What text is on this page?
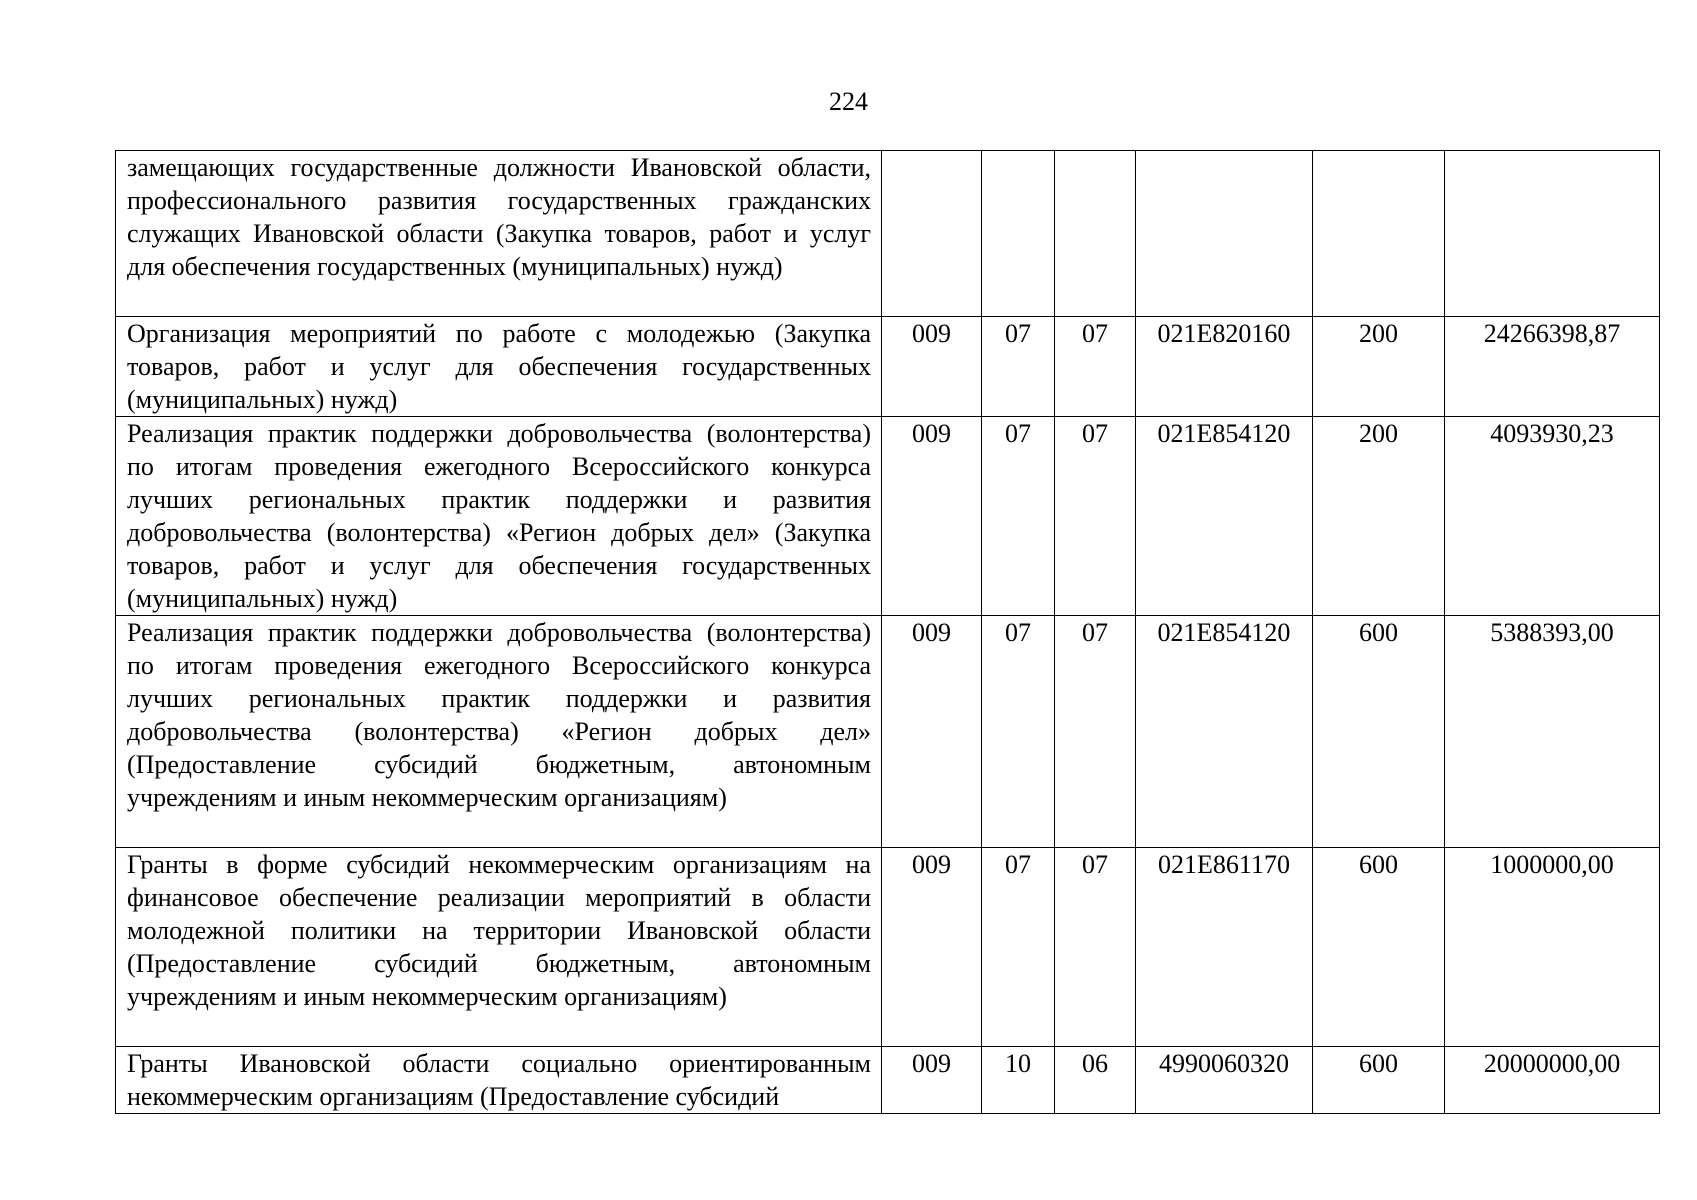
224
замещающих государственные должности Ивановской области, профессионального развития государственных гражданских служащих Ивановской области (Закупка товаров, работ и услуг для обеспечения государственных (муниципальных) нужд)						
Организация мероприятий по работе с молодежью (Закупка товаров, работ и услуг для обеспечения государственных (муниципальных) нужд)	009	07	07	021E820160	200	24266398,87
Реализация практик поддержки добровольчества (волонтерства) по итогам проведения ежегодного Всероссийского конкурса лучших региональных практик поддержки и развития добровольчества (волонтерства) «Регион добрых дел» (Закупка товаров, работ и услуг для обеспечения государственных (муниципальных) нужд)	009	07	07	021E854120	200	4093930,23
Реализация практик поддержки добровольчества (волонтерства) по итогам проведения ежегодного Всероссийского конкурса лучших региональных практик поддержки и развития добровольчества (волонтерства) «Регион добрых дел» (Предоставление субсидий бюджетным, автономным учреждениям и иным некоммерческим организациям)	009	07	07	021E854120	600	5388393,00
Гранты в форме субсидий некоммерческим организациям на финансовое обеспечение реализации мероприятий в области молодежной политики на территории Ивановской области (Предоставление субсидий бюджетным, автономным учреждениям и иным некоммерческим организациям)	009	07	07	021E861170	600	1000000,00
Гранты Ивановской области социально ориентированным некоммерческим организациям (Предоставление субсидий	009	10	06	4990060320	600	20000000,00
